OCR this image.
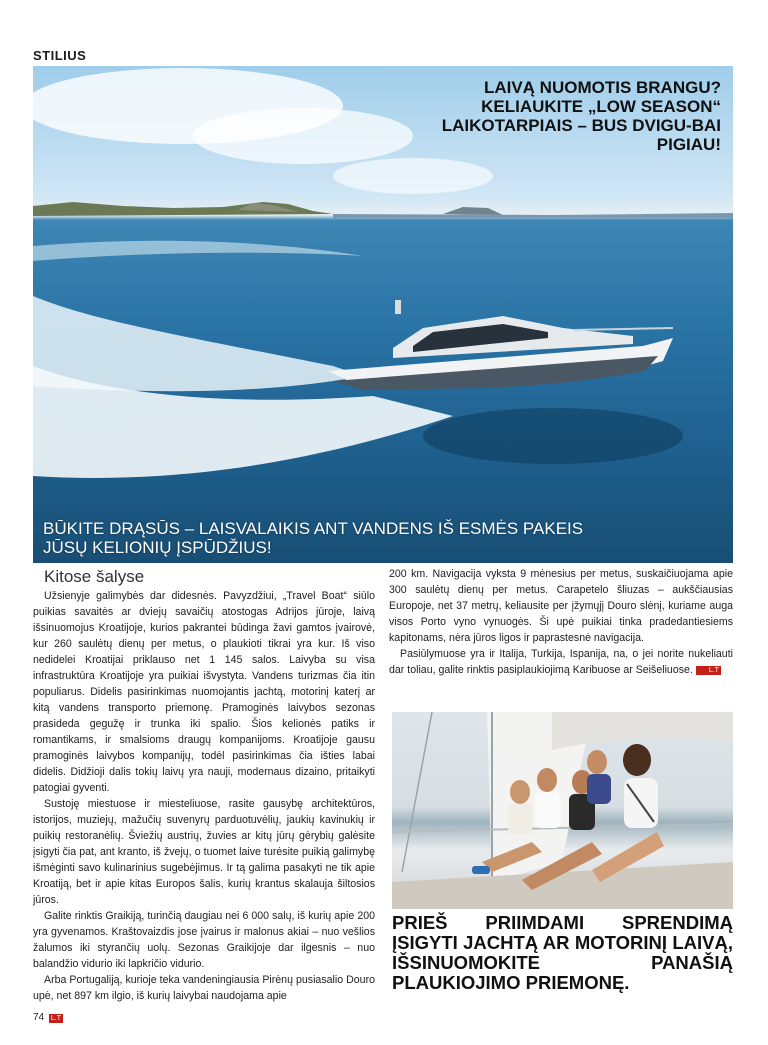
STILIUS
LAIVĄ NUOMOTIS BRANGU? KELIAUKITE „LOW SEASON“ LAIKOTARPIAIS – BUS DVIGU-BAI PIGIAU!
BŪKITE DRĄSŪS – LAISVALAIKIS ANT VANDENS IŠ ESMĖS PAKEIS JŪSŲ KELIONIŲ ĮSPŪDŽIUS!

Kitose šalyse

Užsienyje galimybės dar didesnės. Pavyzdžiui, „Travel Boat“ siūlo puikias savaitės ar dviejų savaičių atostogas Adrijos jūroje, laivą išsinuomojus Kroatijoje, kurios pakrantei būdinga žavi gamtos įvairovė, kur 260 saulėtų dienų per metus, o plaukioti tikrai yra kur. Iš viso nedidelei Kroatijai priklauso net 1 145 salos. Laivyba su visa infrastruktūra Kroatijoje yra puikiai išvystyta. Vandens turizmas čia itin populiarus. Didelis pasirinkimas nuomojantis jachtą, motorinį katerį ar kitą vandens transporto priemonę. Pramoginės laivybos sezonas prasideda gegužę ir trunka iki spalio. Šios kelionės patiks ir romantikams, ir smalsioms draugų kompanijoms. Kroatijoje gausu pramoginės laivybos kompanijų, todėl pasirinkimas čia išties labai didelis. Didžioji dalis tokių laivų yra nauji, modernaus dizaino, pritaikyti patogiai gyventi.

Sustoję miestuose ir miesteliuose, rasite gausybę architektūros, istorijos, muziejų, mažučių suvenyrų parduotuvėlių, jaukių kavinukių ir puikių restoranėlių. Šviežių austrių, žuvies ar kitų jūrų gėrybių galėsite įsigyti čia pat, ant kranto, iš žvejų, o tuomet laive turėsite puikią galimybę išmėginti savo kulinarinius sugebėjimus. Ir tą galima pasakyti ne tik apie Kroatiją, bet ir apie kitas Europos šalis, kurių krantus skalauja šiltosios jūros.

Galite rinktis Graikiją, turinčią daugiau nei 6 000 salų, iš kurių apie 200 yra gyvenamos. Kraštovaizdis jose įvairus ir malonus akiai – nuo vešlios žalumos iki styrančių uolų. Sezonas Graikijoje dar ilgesnis – nuo balandžio vidurio iki lapkričio vidurio.

Arba Portugaliją, kurioje teka vandeningiausia Pirėnų pusiasalio Douro upė, net 897 km ilgio, iš kurių laivybai naudojama apie

200 km. Navigacija vyksta 9 mėnesius per metus, suskaičiuojama apie 300 saulėtų dienų per metus. Carapetelo šliuzas – aukščiausias Europoje, net 37 metrų, keliausite per įžymųjį Douro slėnį, kuriame auga visos Porto vyno vynuogės. Ši upė puikiai tinka pradedantiesiems kapitonams, nėra jūros ligos ir paprastesnė navigacija.

Pasiūlymuose yra ir Italija, Turkija, Ispanija, na, o jei norite nukeliauti dar toliau, galite rinktis pasiplaukiojimą Karibuose ar Seišeliuose. L.T

PRIEŠ PRIIMDAMI SPRENDIMĄ ĮSIGYTI JACHTĄ AR MOTORINĮ LAIVĄ, IŠSINUOMOKITE PANAŠIĄ PLAUKIOJIMO PRIEMONĘ.
74 L.T
